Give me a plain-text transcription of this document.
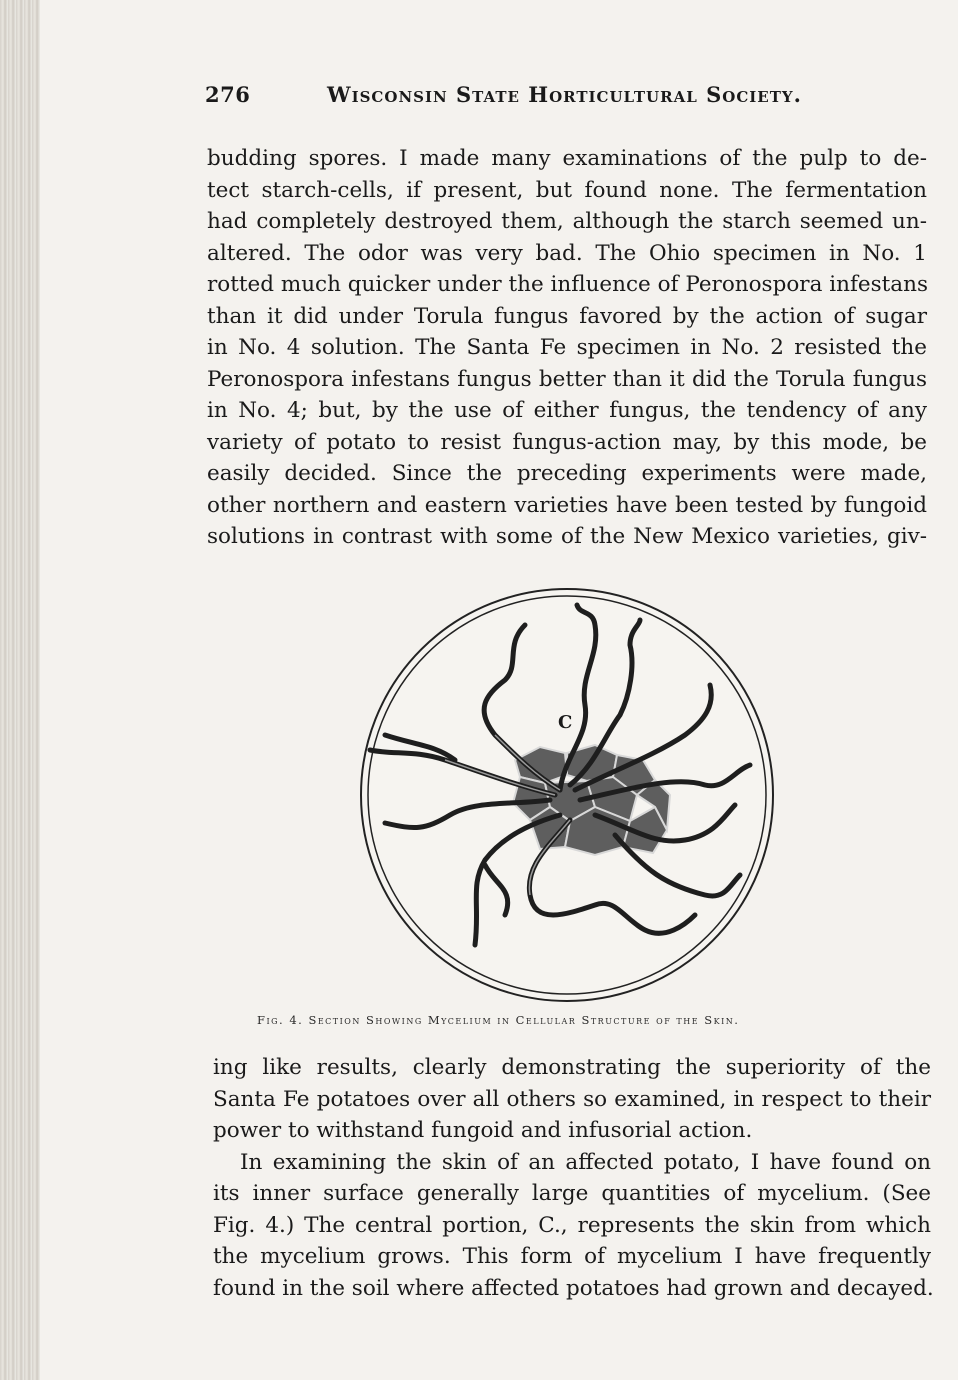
276	Wisconsin State Horticultural Society.
budding spores. I made many examinations of the pulp to de-
tect starch-cells, if present, but found none. The fermentation
had completely destroyed them, although the starch seemed un-
altered. The odor was very bad. The Ohio specimen in No. 1
rotted much quicker under the influence of Peronospora infestans
than it did under Torula fungus favored by the action of sugar
in No. 4 solution. The Santa Fe specimen in No. 2 resisted the
Peronospora infestans fungus better than it did the Torula fungus
in No. 4; but, by the use of either fungus, the tendency of any
variety of potato to resist fungus-action may, by this mode, be
easily decided. Since the preceding experiments were made,
other northern and eastern varieties have been tested by fungoid
solutions in contrast with some of the New Mexico varieties, giv-
C
Fig. 4. Section Showing Mycelium in Cellular Structure of the Skin.
ing like results, clearly demonstrating the superiority of the
Santa Fe potatoes over all others so examined, in respect to their
power to withstand fungoid and infusorial action.
In examining the skin of an affected potato, I have found on
its inner surface generally large quantities of mycelium. (See
Fig. 4.) The central portion, C., represents the skin from which
the mycelium grows. This form of mycelium I have frequently
found in the soil where affected potatoes had grown and decayed.
